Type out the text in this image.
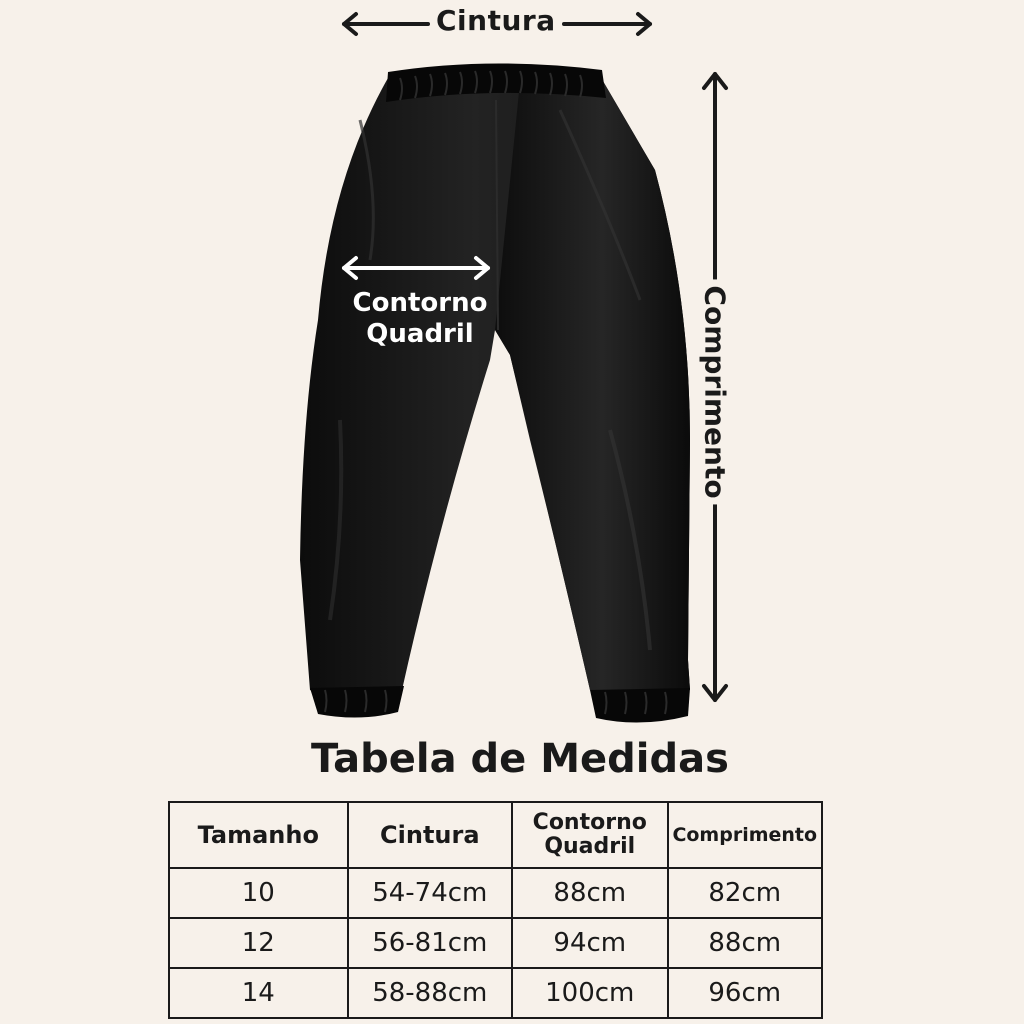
Cintura
Contorno Quadril	Comprimento
Tabela de Medidas
Tamanho	Cintura	Contorno Quadril	Comprimento
10	54-74cm	88cm	82cm
12	56-81cm	94cm	88cm
14	58-88cm	100cm	96cm
